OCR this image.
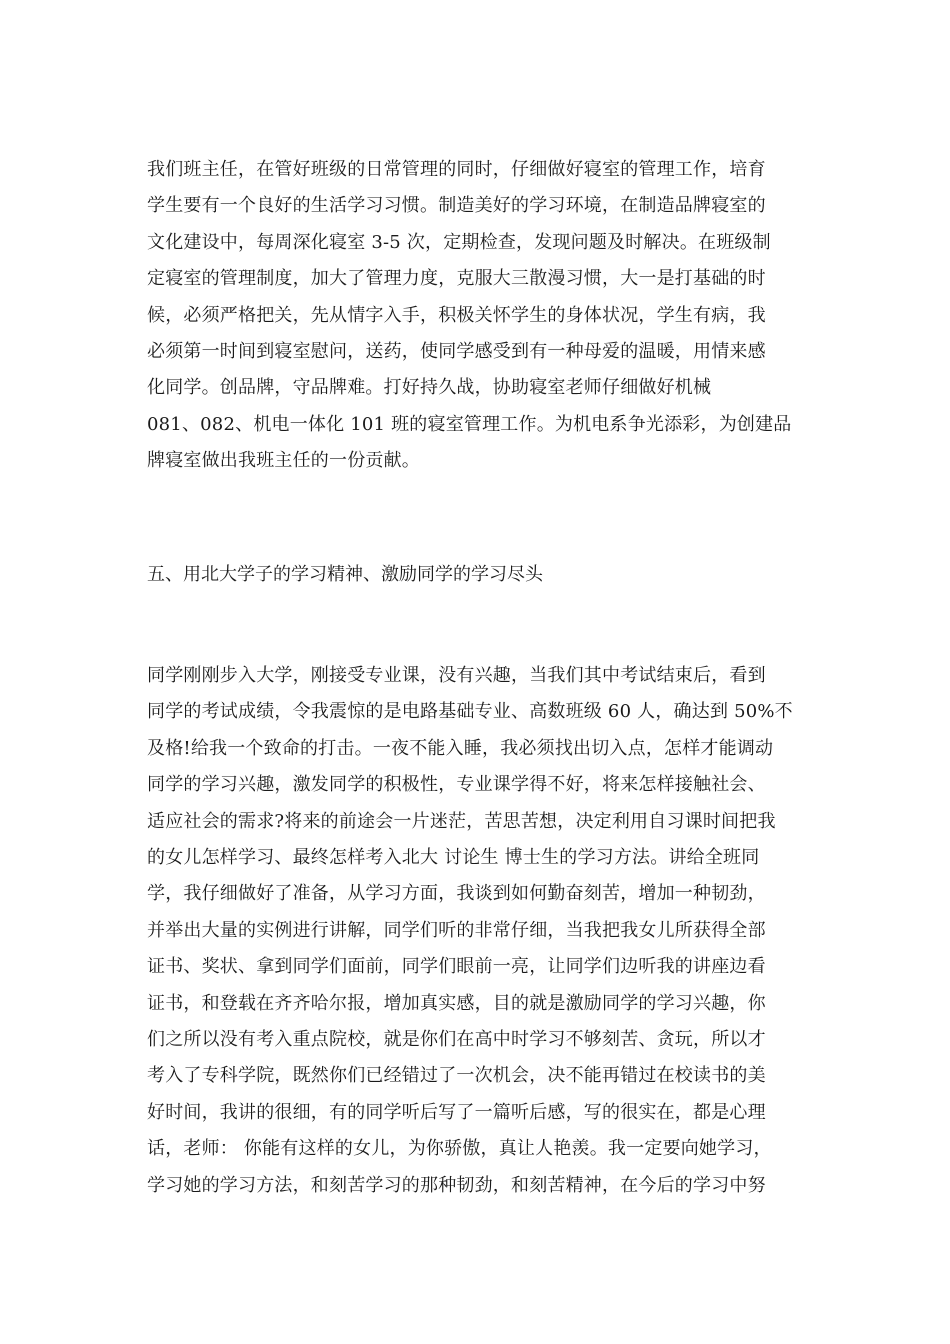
我们班主任，在管好班级的日常管理的同时，仔细做好寝室的管理工作，培育
学生要有一个良好的生活学习习惯。制造美好的学习环境，在制造品牌寝室的
文化建设中，每周深化寝室 3-5 次，定期检查，发现问题及时解决。在班级制
定寝室的管理制度，加大了管理力度，克服大三散漫习惯，大一是打基础的时
候，必须严格把关，先从情字入手，积极关怀学生的身体状况，学生有病，我
必须第一时间到寝室慰问，送药，使同学感受到有一种母爱的温暖，用情来感
化同学。创品牌，守品牌难。打好持久战，协助寝室老师仔细做好机械
081、082、机电一体化 101 班的寝室管理工作。为机电系争光添彩，为创建品
牌寝室做出我班主任的一份贡献。
五、用北大学子的学习精神、激励同学的学习尽头
同学刚刚步入大学，刚接受专业课，没有兴趣，当我们其中考试结束后，看到
同学的考试成绩，令我震惊的是电路基础专业、高数班级 60 人，确达到 50%不
及格!给我一个致命的打击。一夜不能入睡，我必须找出切入点，怎样才能调动
同学的学习兴趣，激发同学的积极性，专业课学得不好，将来怎样接触社会、
适应社会的需求?将来的前途会一片迷茫，苦思苦想，决定利用自习课时间把我
的女儿怎样学习、最终怎样考入北大 讨论生 博士生的学习方法。讲给全班同
学，我仔细做好了准备，从学习方面，我谈到如何勤奋刻苦，增加一种韧劲，
并举出大量的实例进行讲解，同学们听的非常仔细，当我把我女儿所获得全部
证书、奖状、拿到同学们面前，同学们眼前一亮，让同学们边听我的讲座边看
证书，和登载在齐齐哈尔报，增加真实感，目的就是激励同学的学习兴趣，你
们之所以没有考入重点院校，就是你们在高中时学习不够刻苦、贪玩，所以才
考入了专科学院，既然你们已经错过了一次机会，决不能再错过在校读书的美
好时间，我讲的很细，有的同学听后写了一篇听后感，写的很实在，都是心理
话，老师： 你能有这样的女儿，为你骄傲，真让人艳羡。我一定要向她学习，
学习她的学习方法，和刻苦学习的那种韧劲，和刻苦精神，在今后的学习中努
